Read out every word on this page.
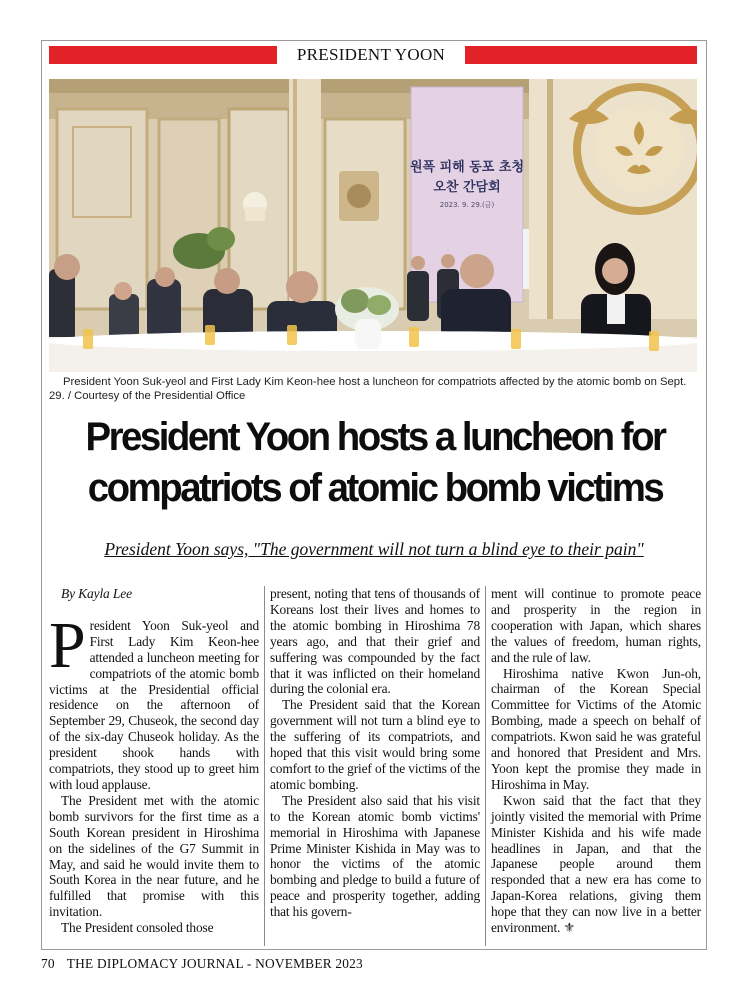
PRESIDENT YOON
원폭 피해 동포 초청
오찬 간담회
2023. 9. 29.(금)
President Yoon Suk-yeol and First Lady Kim Keon-hee host a luncheon for compatriots affected by the atomic bomb on Sept. 29. / Courtesy of the Presidential Office
President Yoon hosts a luncheon for
compatriots of atomic bomb victims
President Yoon says, "The government will not turn a blind eye to their pain"
By Kayla Lee

President Yoon Suk-yeol and First Lady Kim Keon-hee attended a luncheon meeting for compatriots of the atomic bomb victims at the Presidential official residence on the afternoon of September 29, Chuseok, the second day of the six-day Chuseok holiday. As the president shook hands with compatriots, they stood up to greet him with loud applause.

The President met with the atomic bomb survivors for the first time as a South Korean president in Hiroshima on the sidelines of the G7 Summit in May, and said he would invite them to South Korea in the near future, and he fulfilled that promise with this invitation.

The President consoled those

present, noting that tens of thousands of Koreans lost their lives and homes to the atomic bombing in Hiroshima 78 years ago, and that their grief and suffering was compounded by the fact that it was inflicted on their homeland during the colonial era.

The President said that the Korean government will not turn a blind eye to the suffering of its compatriots, and hoped that this visit would bring some comfort to the grief of the victims of the atomic bombing.

The President also said that his visit to the Korean atomic bomb victims' memorial in Hiroshima with Japanese Prime Minister Kishida in May was to honor the victims of the atomic bombing and pledge to build a future of peace and prosperity together, adding that his govern-

ment will continue to promote peace and prosperity in the region in cooperation with Japan, which shares the values of freedom, human rights, and the rule of law.

Hiroshima native Kwon Jun-oh, chairman of the Korean Special Committee for Victims of the Atomic Bombing, made a speech on behalf of compatriots. Kwon said he was grateful and honored that President and Mrs. Yoon kept the promise they made in Hiroshima in May.

Kwon said that the fact that they jointly visited the memorial with Prime Minister Kishida and his wife made headlines in Japan, and that the Japanese people around them responded that a new era has come to Japan-Korea relations, giving them hope that they can now live in a better environment. ⚜

70 THE DIPLOMACY JOURNAL - NOVEMBER 2023
